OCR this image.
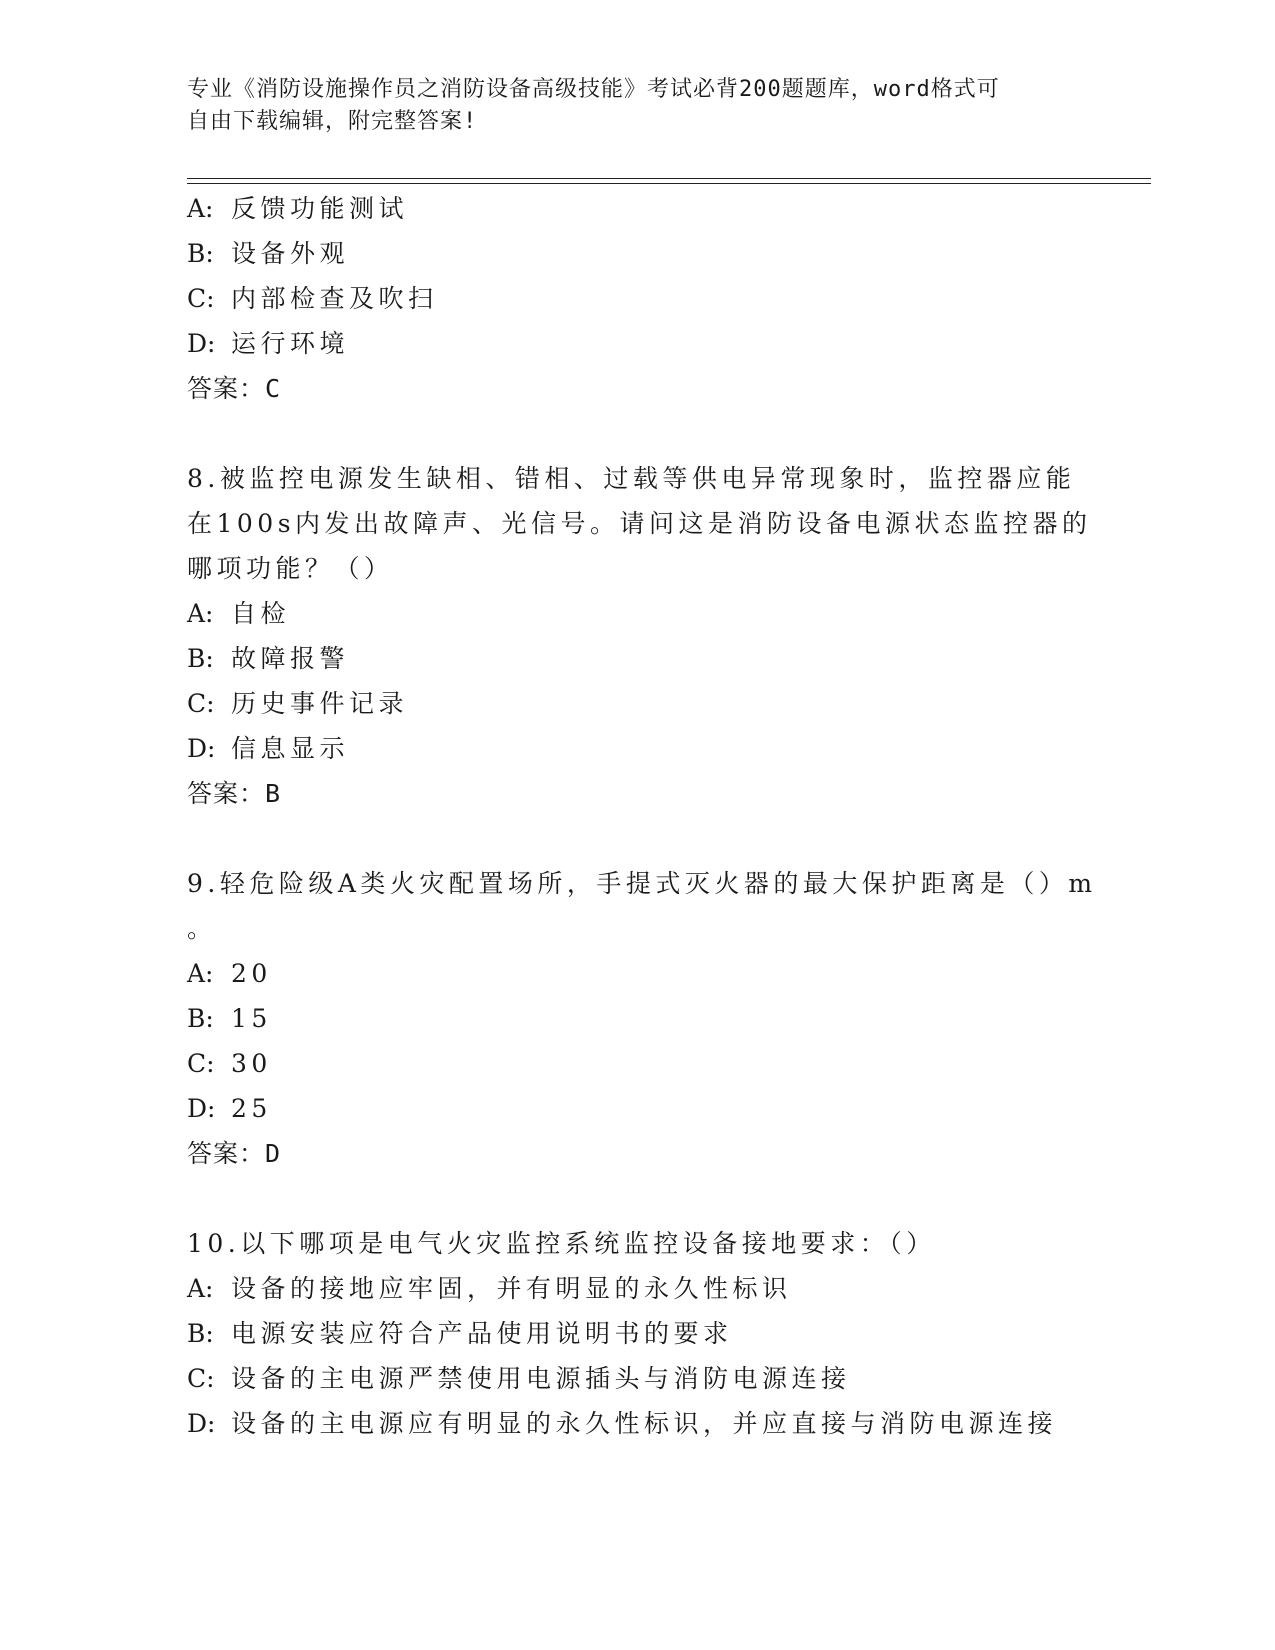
专业《消防设施操作员之消防设备高级技能》考试必背200题题库，word格式可
自由下载编辑，附完整答案!
A: 反馈功能测试
B: 设备外观
C: 内部检查及吹扫
D: 运行环境
答案：C
8.被监控电源发生缺相、错相、过载等供电异常现象时，监控器应能
在100s内发出故障声、光信号。请问这是消防设备电源状态监控器的
哪项功能？（）
A: 自检
B: 故障报警
C: 历史事件记录
D: 信息显示
答案：B
9.轻危险级A类火灾配置场所，手提式灭火器的最大保护距离是（）m
。
A: 20
B: 15
C: 30
D: 25
答案：D
10.以下哪项是电气火灾监控系统监控设备接地要求：（）
A: 设备的接地应牢固，并有明显的永久性标识
B: 电源安装应符合产品使用说明书的要求
C: 设备的主电源严禁使用电源插头与消防电源连接
D: 设备的主电源应有明显的永久性标识，并应直接与消防电源连接
